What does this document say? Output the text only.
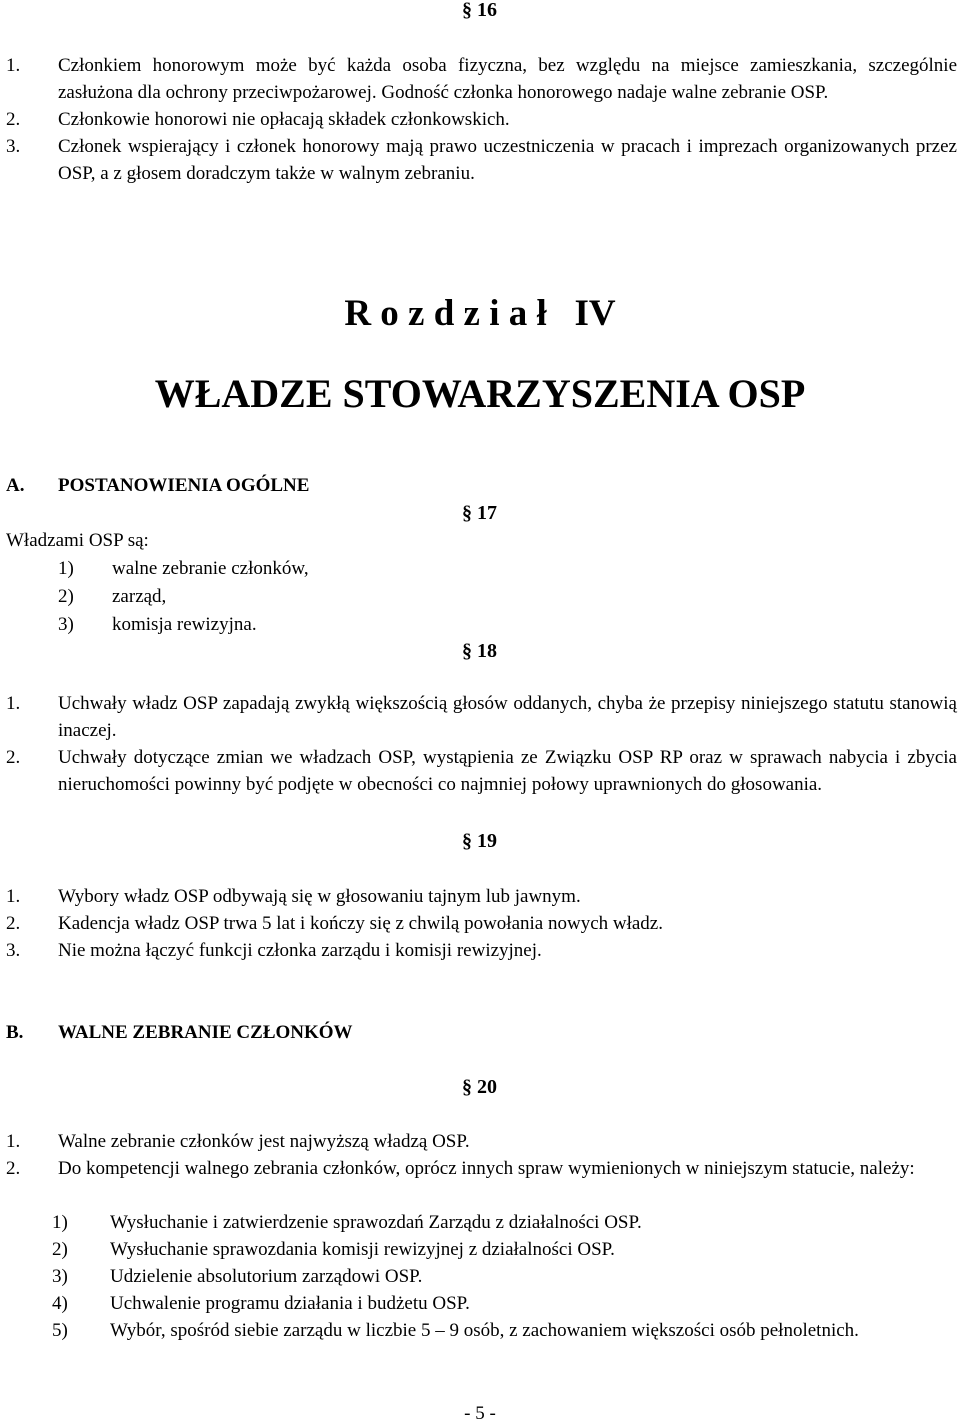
§ 16
1. Członkiem honorowym może być każda osoba fizyczna, bez względu na miejsce zamieszkania, szczególnie zasłużona dla ochrony przeciwpożarowej. Godność członka honorowego nadaje walne zebranie OSP.
2. Członkowie honorowi nie opłacają składek członkowskich.
3. Członek wspierający i członek honorowy mają prawo uczestniczenia w pracach i imprezach organizowanych przez OSP, a z głosem doradczym także w walnym zebraniu.
R o z d z i a ł   IV
WŁADZE STOWARZYSZENIA OSP
A. POSTANOWIENIA OGÓLNE
§ 17
Władzami OSP są:
1) walne zebranie członków,
2) zarząd,
3) komisja rewizyjna.
§ 18
1. Uchwały władz OSP zapadają zwykłą większością głosów oddanych, chyba że przepisy niniejszego statutu stanowią inaczej.
2. Uchwały dotyczące zmian we władzach OSP, wystąpienia ze Związku OSP RP oraz w sprawach nabycia i zbycia nieruchomości powinny być podjęte w obecności co najmniej połowy uprawnionych do głosowania.
§ 19
1. Wybory władz OSP odbywają się w głosowaniu tajnym lub jawnym.
2. Kadencja władz OSP trwa 5 lat i kończy się z chwilą powołania nowych władz.
3. Nie można łączyć funkcji członka zarządu i komisji rewizyjnej.
B. WALNE ZEBRANIE CZŁONKÓW
§ 20
1. Walne zebranie członków jest najwyższą władzą OSP.
2. Do kompetencji walnego zebrania członków, oprócz innych spraw wymienionych w niniejszym statucie, należy:
1) Wysłuchanie i zatwierdzenie sprawozdań Zarządu z działalności OSP.
2) Wysłuchanie sprawozdania komisji rewizyjnej z działalności OSP.
3) Udzielenie absolutorium zarządowi OSP.
4) Uchwalenie programu działania i budżetu OSP.
5) Wybór, spośród siebie zarządu w liczbie 5 – 9 osób, z zachowaniem większości osób pełnoletnich.
- 5 -
